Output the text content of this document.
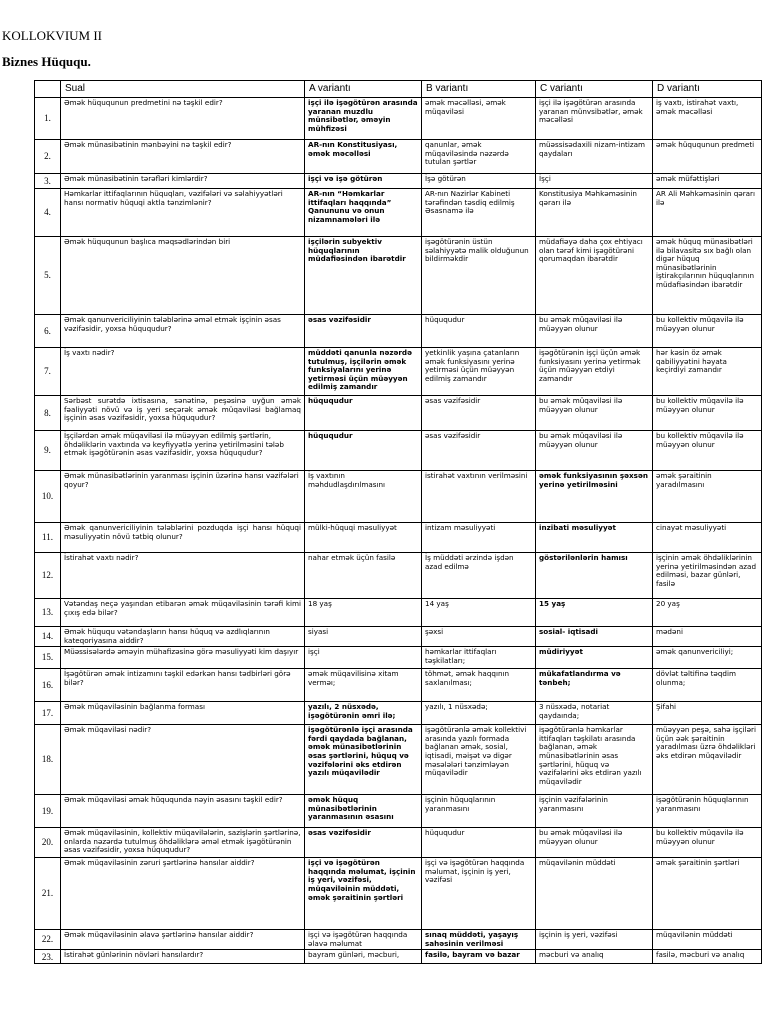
KOLLOKVIUM II
Biznes Hüququ.
	Sual	A variantı	B variantı	C variantı	D variantı
1.	Əmək hüququnun predmetini nə təşkil edir?	işçi ilə işəgötürən arasında yaranan muzdlu münsibətlər, əməyin mühfizəsi	əmək məcəlləsi, əmək müqaviləsi	işçi ilə işəgötürən arasında yaranan münvsibətlər, əmək məcəlləsi	iş vaxtı, istirahət vaxtı, əmək məcəlləsi
2.	Əmək münasibətinin mənbəyini nə təşkil edir?	AR-nın Konstitusiyası, əmək məcəlləsi	qanunlar, əmək müqaviləsində nəzərdə tutulan şərtlər	müəssisədaxili nizam-intizam qaydaları	əmək hüququnun predmeti
3.	Əmək münasibətinin tərəfləri kimlərdir?	işçi və işə götürən	İşə götürən	İşçi	əmək müfəttişləri
4.	Həmkarlar ittifaqlarının hüquqları, vəzifələri və səlahiyyətləri hansı normativ hüquqi aktla tənzimlənir?	AR-nın “Həmkarlar ittifaqları haqqında” Qanununu və onun nizamnamələri ilə	AR-nın Nazirlər Kabineti tərəfindən təsdiq edilmiş Əsasnamə ilə	Konstitusiya Məhkəməsinin qərarı ilə	AR Ali Məhkəməsinin qərarı ilə
5.	Əmək hüququnun başlıca məqsədlərindən biri	işçilərin subyektiv hüquqlarının müdafiəsindən ibarətdir	işəgötürənin üstün səlahiyyətə malik olduğunun bildirməkdir	müdafiəyə daha çox ehtiyacı olan tərəf kimi işəgötürəni qorumaqdan ibarətdir	əmək hüquq münasibətləri ilə bilavasitə sıx bağlı olan digər hüquq münasibətlərinin iştirakçılarının hüquqlarının müdafiəsindən ibarətdir
6.	Əmək qanunvericiliyinin tələblərinə əməl etmək işçinin əsas vəzifəsidir, yoxsa hüququdur?	əsas vəzifəsidir	hüququdur	bu əmək müqaviləsi ilə müəyyən olunur	bu kollektiv müqavilə ilə müəyyən olunur
7.	İş vaxtı nədir?	müddəti qanunla nəzərdə tutulmuş, işçilərin əmək funksiyalarını yerinə yetirməsi üçün müəyyən edilmiş zamandır	yetkinlik yaşına çatanların əmək funksiyasını yerinə yetirməsi üçün müəyyən edilmiş zamandır	işəgötürənin işçi üçün əmək funksiyasını yerinə yetirmək üçün müəyyən etdiyi zamandır	hər kəsin öz əmək qabiliyyətini həyata keçirdiyi zamandır
8.	Sərbəst surətdə ixtisasına, sənətinə, peşəsinə uyğun əmək fəaliyyəti növü və iş yeri seçərək əmək müqaviləsi bağlamaq işçinin əsas vəzifəsidir, yoxsa hüququdur?	hüququdur	əsas vəzifəsidir	bu əmək müqaviləsi ilə müəyyən olunur	bu kollektiv müqavilə ilə müəyyən olunur
9.	İşçilərdən əmək müqaviləsi ilə müəyyən edilmiş şərtlərin, öhdəliklərin vaxtında və keyfiyyətlə yerinə yetirilməsini tələb etmək işəgötürənin əsas vəzifəsidir, yoxsa hüququdur?	hüququdur	əsas vəzifəsidir	bu əmək müqaviləsi ilə müəyyən olunur	bu kollektiv müqavilə ilə müəyyən olunur
10.	Əmək münasibətlərinin yaranması işçinin üzərinə hansı vəzifələri qoyur?	İş vaxtının məhdudlaşdırılmasını	istirahət vaxtının verilməsini	əmək funksiyasının şəxsən yerinə yetirilməsini	əmək şəraitinin yaradılmasını
11.	Əmək qanunvericiliyinin tələblərini pozduqda işçi hansı hüquqi məsuliyyətin növü tətbiq olunur?	mülki-hüquqi məsuliyyət	intizam məsuliyyəti	inzibati məsuliyyət	cinayət məsuliyyəti
12.	İstirahət vaxtı nədir?	nahar etmək üçün fasilə	İş müddəti ərzində işdən azad edilmə	göstərilənlərin hamısı	işçinin əmək öhdəliklərinin yerinə yetirilməsindən azad edilməsi, bazar günləri, fasilə
13.	Vətəndaş neçə yaşından etibarən əmək müqaviləsinin tərəfi kimi çıxış edə bilər?	18 yaş	14 yaş	15 yaş	20 yaş
14.	Əmək hüququ vətəndaşların hansı hüquq və azdlıqlarının kateqoriyasına aiddir?	siyasi	şəxsi	sosial- iqtisadi	mədəni
15.	Müəssisələrdə əməyin mühafizəsinə görə məsuliyyəti kim daşıyır	işçi	həmkarlar ittifaqları təşkilatları;	müdiriyyət	əmək qanunvericiliyi;
16.	İşəgötürən əmək intizamını təşkil edərkən hansı tədbirləri görə bilər?	əmək müqavilisinə xitam verməı;	töhmət, əmək haqqının saxlanılması;	mükafatlandırma və tənbeh;	dövlət təltifinə təqdim olunma;
17.	Əmək müqaviləsinin bağlanma forması	yazılı, 2 nüsxədə, işəgötürənin əmri ilə;	yazılı, 1 nüsxədə;	3 nüsxədə, notariat qaydaında;	Şifahi
18.	Əmək müqaviləsi nədir?	işəgötürənlə işçi arasında fərdi qaydada bağlanan, əmək münasibətlərinin əsas şərtlərini, hüquq və vəzifələrini əks etdirən yazılı müqavilədir	işəgötürənlə əmək kollektivi arasında yazılı formada bağlanan əmək, sosial, iqtisadi, məişət və digər məsələləri tənzimləyən müqavilədir	işəgötürənlə həmkarlar ittifaqları təşkilatı arasında bağlanan, əmək münasibətlərinin əsas şərtlərini, hüquq və vəzifələrini əks etdirən yazılı müqavilədir	müəyyən peşə, sahə işçiləri üçün əək şəraitinin yaradılması üzrə öhdəlikləri əks etdirən müqavilədir
19.	Əmək müqaviləsi əmək hüququnda nəyin əsasını təşkil edir?	əmək hüquq münasibətlərinin yaranmasının əsasını	işçinin hüquqlarının yaranmasını	işçinin vəzifələrinin yaranmasını	işəgötürənin hüquqlarının yaranmasını
20.	Əmək müqaviləsinin, kollektiv müqavilələrin, sazişlərin şərtlərinə, onlarda nəzərdə tutulmuş öhdəliklərə əməl etmək işəgötürənin əsas vəzifəsidir, yoxsa hüququdur?	əsas vəzifəsidir	hüququdur	bu əmək müqaviləsi ilə müəyyən olunur	bu kollektiv müqavilə ilə müəyyən olunur
21.	Əmək müqaviləsinin zəruri şərtlərinə hansılar aiddir?	işçi və işəgötürən haqqında məlumat, işçinin iş yeri, vəzifəsi, müqaviləinin müddəti, əmək şəraitinin şərtləri	işçi və işəgötürən haqqında məlumat, işçinin iş yeri, vəzifəsi	müqavilənin müddəti	əmək şəraitinin şərtləri
22.	Əmək müqaviləsinin əlavə şərtlərinə hansılar aiddir?	işçi və işəgötürən haqqında əlavə məlumat	sınaq müddəti, yaşayış sahəsinin verilməsi	işçinin iş yeri, vəzifəsi	müqavilənin müddəti
23.	İstirahət günlərinin növləri hansılardır?	bayram günləri, məcburi,	fasilə, bayram və bazar	məcburi və analıq	fasilə, məcburi və analıq
